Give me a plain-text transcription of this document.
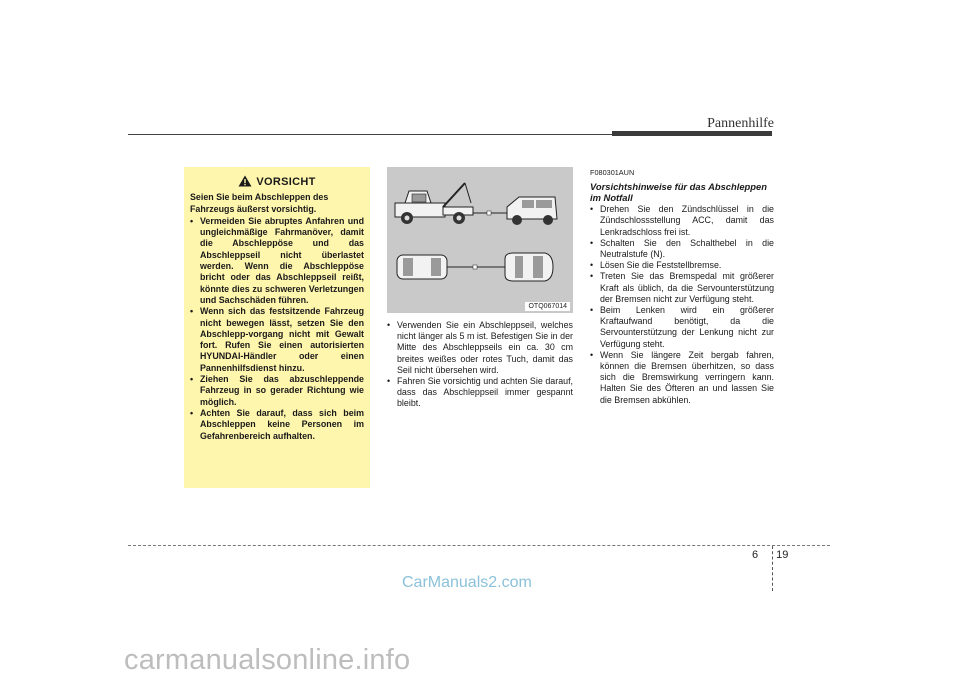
Pannenhilfe
VORSICHT
Seien Sie beim Abschleppen des Fahrzeugs äußerst vorsichtig.
• Vermeiden Sie abruptes Anfahren und ungleichmäßige Fahrmanöver, damit die Abschleppöse und das Abschleppseil nicht überlastet werden. Wenn die Abschleppöse bricht oder das Abschleppseil reißt, könnte dies zu schweren Verletzungen und Sachschäden führen.
• Wenn sich das festsitzende Fahrzeug nicht bewegen lässt, setzen Sie den Abschlepp-vorgang nicht mit Gewalt fort. Rufen Sie einen autorisierten HYUNDAI-Händler oder einen Pannenhilfsdienst hinzu.
• Ziehen Sie das abzuschleppende Fahrzeug in so gerader Richtung wie möglich.
• Achten Sie darauf, dass sich beim Abschleppen keine Personen im Gefahrenbereich aufhalten.
OTQ067014
• Verwenden Sie ein Abschleppseil, welches nicht länger als 5 m ist. Befestigen Sie in der Mitte des Abschleppseils ein ca. 30 cm breites weißes oder rotes Tuch, damit das Seil nicht übersehen wird.
• Fahren Sie vorsichtig und achten Sie darauf, dass das Abschleppseil immer gespannt bleibt.
F080301AUN
Vorsichtshinweise für das Abschleppen im Notfall
• Drehen Sie den Zündschlüssel in die Zündschlossstellung ACC, damit das Lenkradschloss frei ist.
• Schalten Sie den Schalthebel in die Neutralstufe (N).
• Lösen Sie die Feststellbremse.
• Treten Sie das Bremspedal mit größerer Kraft als üblich, da die Servounterstützung der Bremsen nicht zur Verfügung steht.
• Beim Lenken wird ein größerer Kraftaufwand benötigt, da die Servounterstützung der Lenkung nicht zur Verfügung steht.
• Wenn Sie längere Zeit bergab fahren, können die Bremsen überhitzen, so dass sich die Bremswirkung verringern kann. Halten Sie des Öfteren an und lassen Sie die Bremsen abkühlen.
6 19
CarManuals2.com
carmanualsonline.info
